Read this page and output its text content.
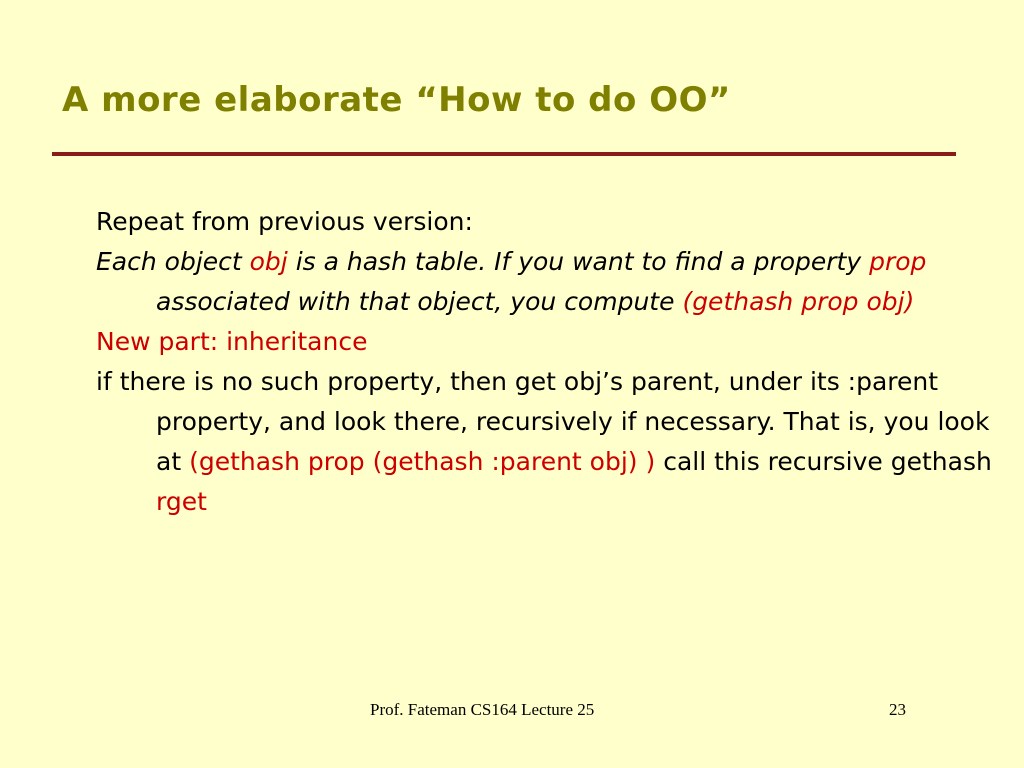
A more elaborate “How to do OO”

Repeat from previous version:

Each object obj is a hash table. If you want to find a property prop associated with that object, you compute (gethash prop obj)

New part: inheritance

if there is no such property, then get obj’s parent, under its :parent property, and look there, recursively if necessary. That is, you look at (gethash prop (gethash :parent obj) ) call this recursive gethash rget

Prof. Fateman CS164 Lecture 25	23
